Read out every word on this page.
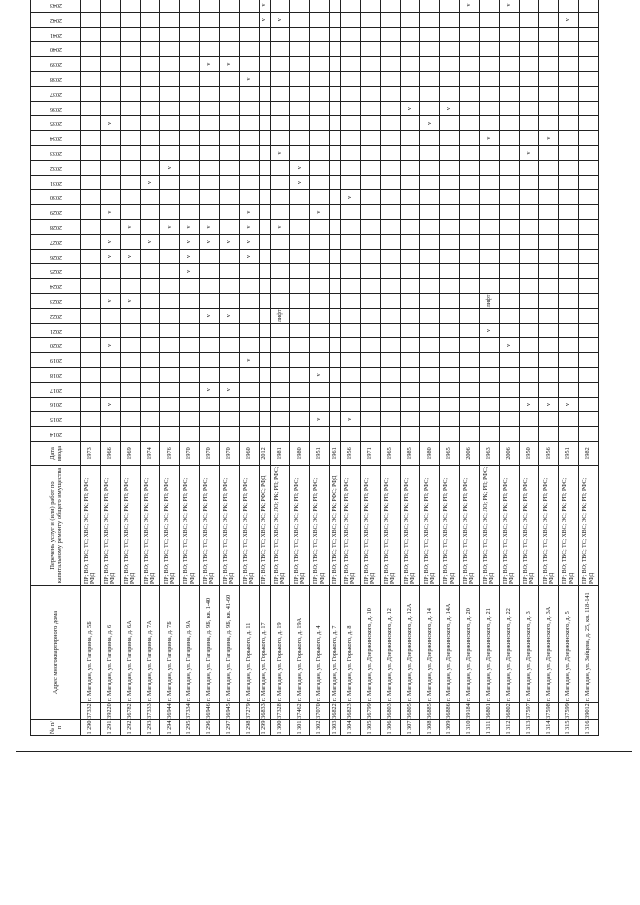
№ п/п	Адрес многоквартирного дома		Перечень услуг и (или) работ по капитальному ремонту общего имущества	Дата ввода	2014	2015	2016	2017	2018	2019	2020	2021	2022	2023	2024	2025	2026	2027	2028	2029	2030	2031	2032	2033	2034	2035	2036	2037	2038	2039	2040	2041	2042	2043	
1 290	37332	г. Магадан, ул. Гагарина, д. 5Б	ПР; ВО; ТВС; ТС; ХВС; ЭС; РК; РП; РФС; РФД	1973																															
1 291	39220	г. Магадан, ул. Гагарина, д. 6	ПР; ВО; ТВС; ТС; ХВС; ЭС; РК; РП; РФС; РФД	1966			v				v			v			v	v		v						v									
1 292	36782	г. Магадан, ул. Гагарина, д. 6А	ПР; ВО; ТВС; ТС; ХВС; ЭС; РК; РП; РФС; РФД	1969										v			v		v																
1 293	37333	г. Магадан, ул. Гагарина, д. 7А	ПР; ВО; ТВС; ТС; ХВС; ЭС; РК; РП; РФС; РФД	1974														v				v													
1 294	36944	г. Магадан, ул. Гагарина, д. 7Б	ПР; ВО; ТВС; ТС; ХВС; ЭС; РК; РП; РФС; РФД	1976															v				v												
1 295	37334	г. Магадан, ул. Гагарина, д. 9А	ПР; ВО; ТВС; ТС; ХВС; ЭС; РК; РП; РФС; РФД	1970												v	v	v	v																
1 296	36946	г. Магадан, ул. Гагарина, д. 9Б, кв. 1-40	ПР; ВО; ТВС; ТС; ХВС; ЭС; РК; РП; РФС; РФД	1970				v					v					v	v											v					
1 297	36945	г. Магадан, ул. Гагарина, д. 9Б, кв. 41-60	ПР; ВО; ТВС; ТС; ХВС; ЭС; РК; РП; РФС; РФД	1970				v					v					v												v					
1 298	37279	г. Магадан, ул. Горького, д. 11	ПР; ВО; ТВС; ТС; ХВС; ЭС; РК; РП; РФС; РФД	1960						v							v	v	v	v									v						
1 299	36833	г. Магадан, ул. Горького, д. 17	ПР; ВО; ТВС; ТС; ХВС; ЭС; РК; РФС; РФД	2012																													v	v	
1 300	37328	г. Магадан, ул. Горького, д. 19	ПР; ВО; ТВС; ТС; ХВС; ЭС; ЛО; РК; РП; РФС; РФД	1981									лифт						v					v									v		
1 301	37462	г. Магадан, ул. Горького, д. 19А	ПР; ВО; ТВС; ТС; ХВС; ЭС; РК; РП; РФС; РФД	1980																		v	v												
1 302	37070	г. Магадан, ул. Горького, д. 4	ПР; ВО; ТВС; ТС; ХВС; ЭС; РК; РП; РФС; РФД	1951		v			v											v															
1 303	36822	г. Магадан, ул. Горького, д. 7	ПР; ВО; ТВС; ТС; ХВС; ЭС; РК; РФС; РФД	1961																															
1 304	36823	г. Магадан, ул. Горького, д. 8	ПР; ВО; ТВС; ТС; ХВС; ЭС; РК; РП; РФС; РФД	1956		v															v														
1 305	36799	г. Магадан, ул. Дзержинского, д. 10	ПР; ВО; ТВС; ТС; ХВС; ЭС; РК; РП; РФС; РФД	1971																															
1 306	36803	г. Магадан, ул. Дзержинского, д. 12	ПР; ВО; ТВС; ТС; ХВС; ЭС; РК; РП; РФС; РФД	1965																															
1 307	36805	г. Магадан, ул. Дзержинского, д. 12А	ПР; ВО; ТВС; ТС; ХВС; ЭС; РК; РП; РФС; РФД	1985																							v								
1 308	36885	г. Магадан, ул. Дзержинского, д. 14	ПР; ВО; ТВС; ТС; ХВС; ЭС; РК; РП; РФС; РФД	1980																						v									
1 309	36886	г. Магадан, ул. Дзержинского, д. 14А	ПР; ВО; ТВС; ТС; ХВС; ЭС; РК; РП; РФС; РФД	1965																							v								
1 310	39184	г. Магадан, ул. Дзержинского, д. 20	ПР; ВО; ТВС; ТС; ХВС; ЭС; РК; РП; РФС; РФД	2006																														v	
1 311	36801	г. Магадан, ул. Дзержинского, д. 21	ПР; ВО; ТВС; ТС; ХВС; ЭС; ЛО; РК; РП; РФС; РФД	1963								v		лифт											v										
1 312	36802	г. Магадан, ул. Дзержинского, д. 22	ПР; ВО; ТВС; ТС; ХВС; ЭС; РК; РП; РФС; РФД	2006							v																							v	
1 313	37597	г. Магадан, ул. Дзержинского, д. 3	ПР; ВО; ТВС; ТС; ХВС; ЭС; РК; РП; РФС; РФД	1950			v																	v											
1 314	37598	г. Магадан, ул. Дзержинского, д. 3А	ПР; ВО; ТВС; ТС; ХВС; ЭС; РК; РП; РФС; РФД	1956			v																		v										
1 315	37599	г. Магадан, ул. Дзержинского, д. 5	ПР; ВО; ТВС; ТС; ХВС; ЭС; РК; РП; РФС; РФД	1951			v																										v		
1 316	39012	г. Магадан, ул. Зайцева, д. 25, кв. 118-141	ПР; ВО; ТВС; ТС; ХВС; ЭС; РК; РП; РФС; РФД	1982																															
